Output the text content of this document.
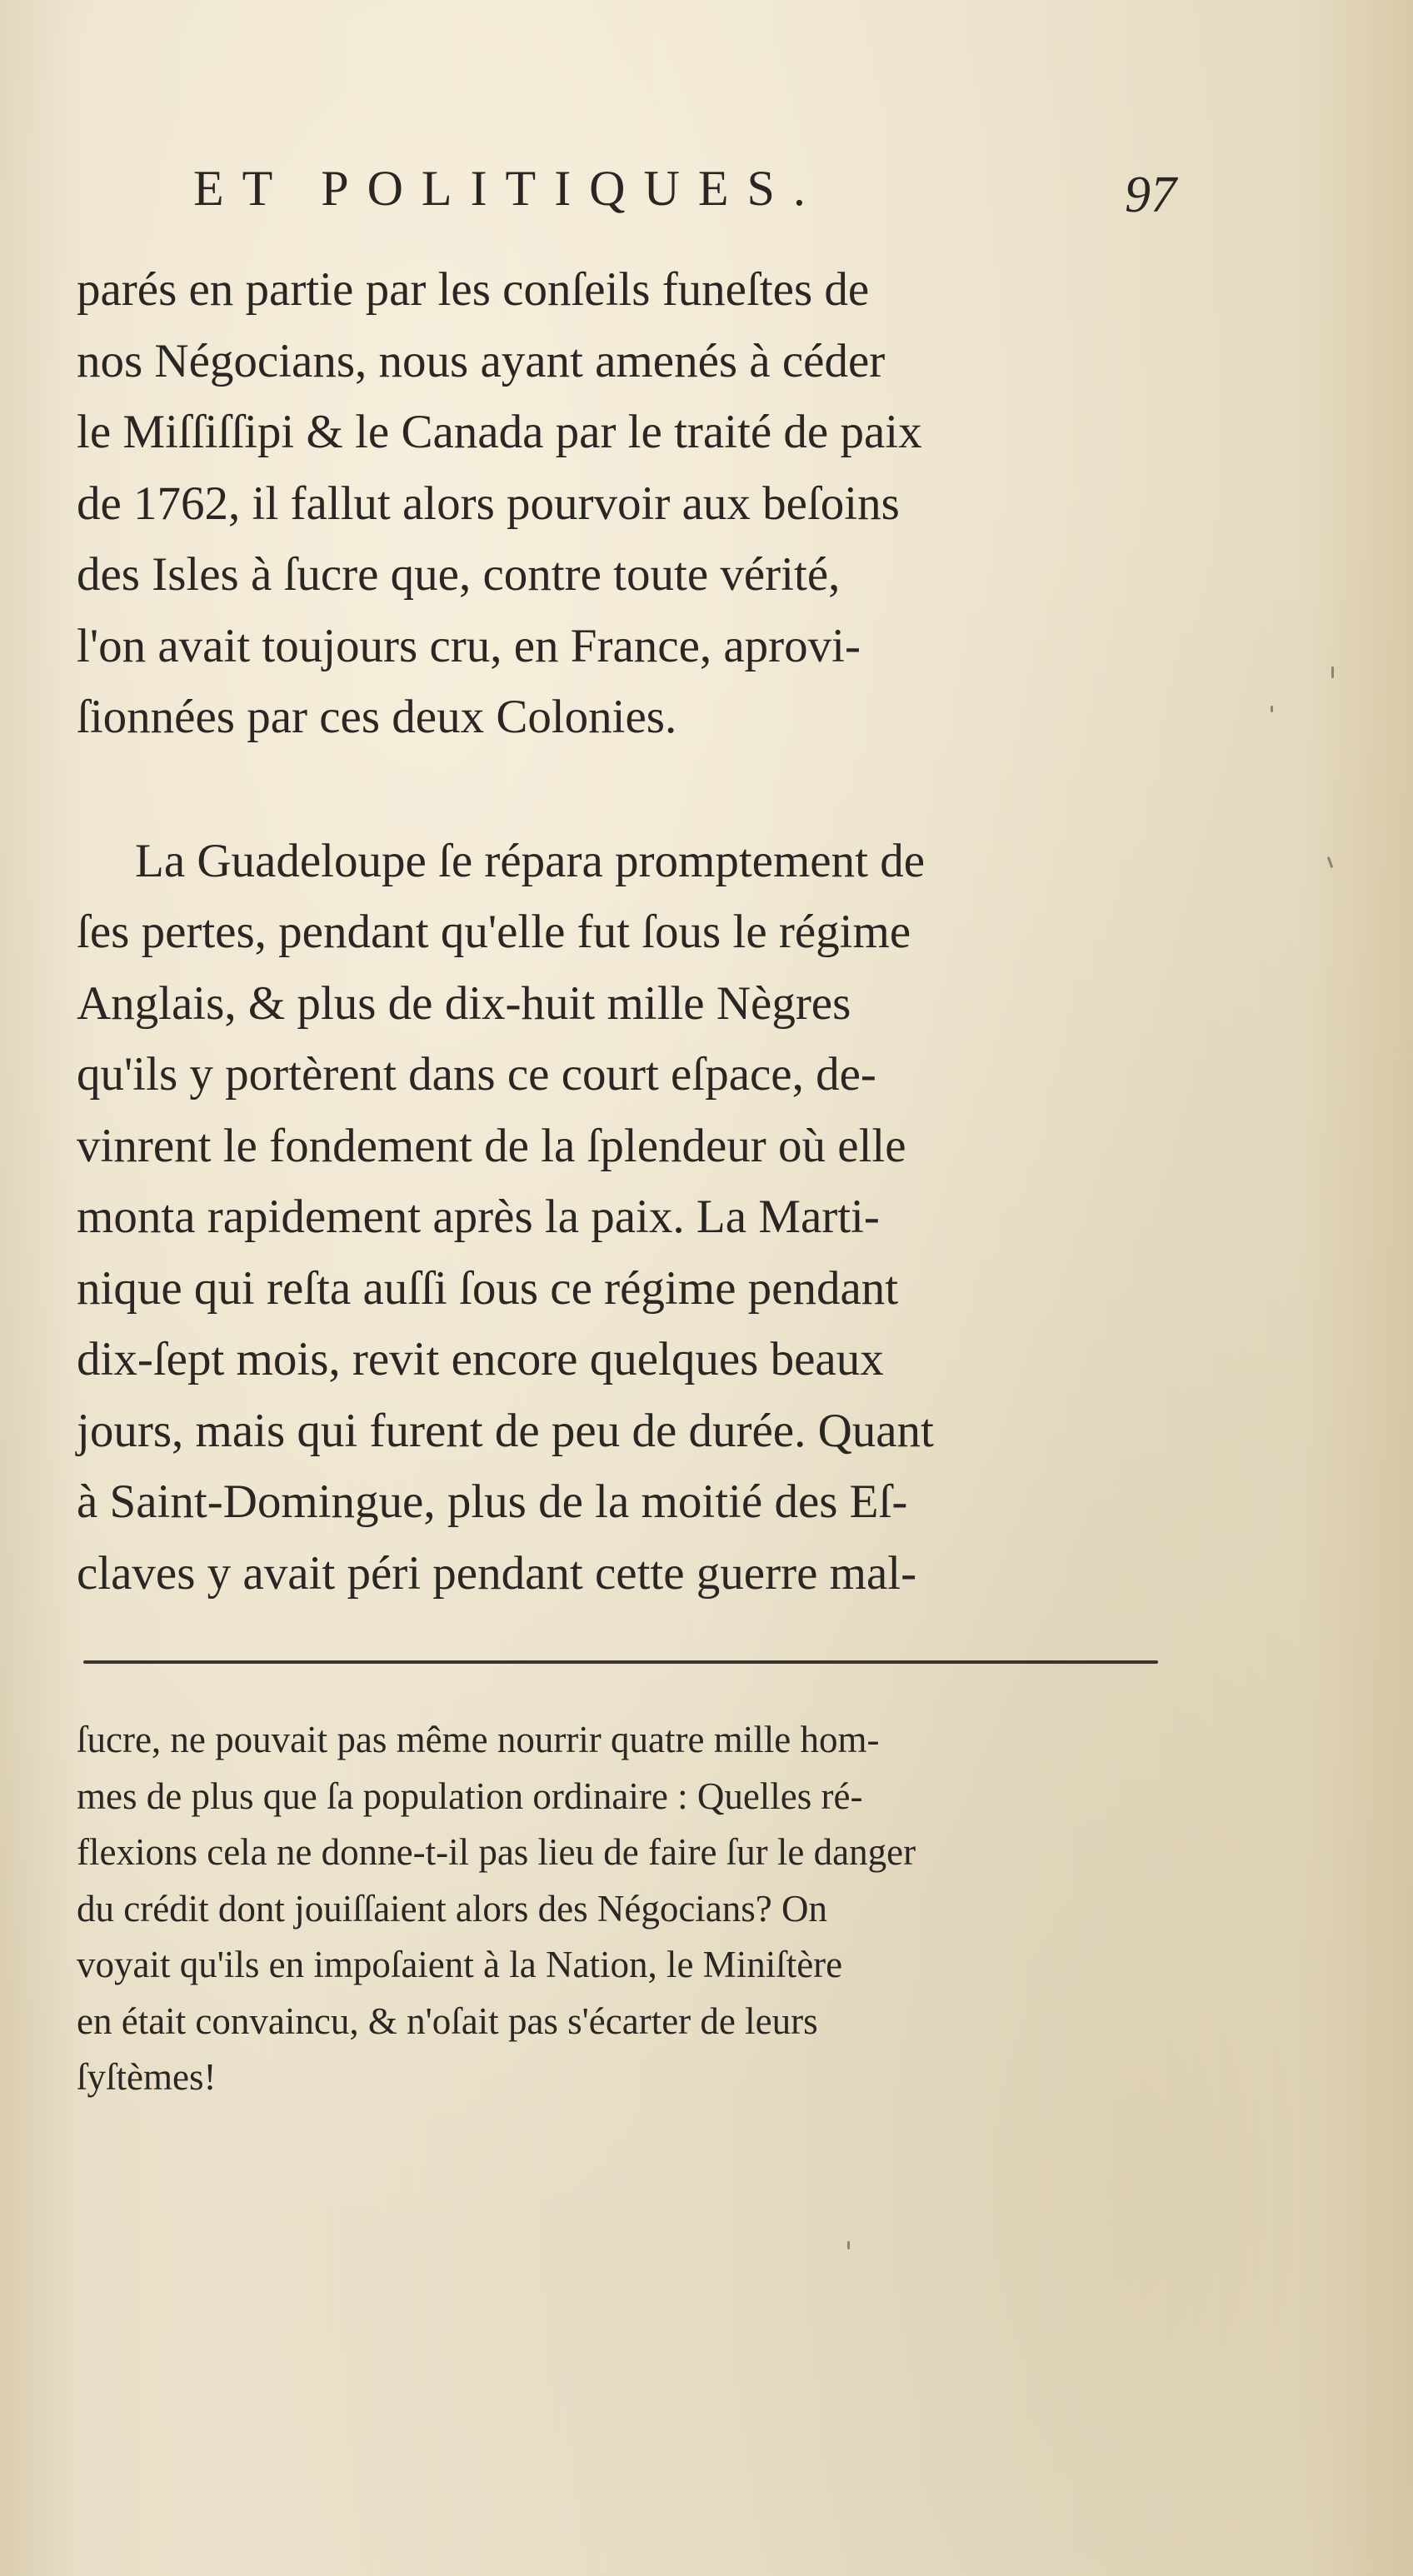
ET POLITIQUES.	97

parés en partie par les conſeils funeſtes de
nos Négocians, nous ayant amenés à céder
le Miſſiſſipi & le Canada par le traité de paix
de 1762, il fallut alors pourvoir aux beſoins
des Isles à ſucre que, contre toute vérité,
l'on avait toujours cru, en France, aprovi-
ſionnées par ces deux Colonies.

La Guadeloupe ſe répara promptement de
ſes pertes, pendant qu'elle fut ſous le régime
Anglais, & plus de dix-huit mille Nègres
qu'ils y portèrent dans ce court eſpace, de-
vinrent le fondement de la ſplendeur où elle
monta rapidement après la paix. La Marti-
nique qui reſta auſſi ſous ce régime pendant
dix-ſept mois, revit encore quelques beaux
jours, mais qui furent de peu de durée. Quant
à Saint-Domingue, plus de la moitié des Eſ-
claves y avait péri pendant cette guerre mal-

ſucre, ne pouvait pas même nourrir quatre mille hom-
mes de plus que ſa population ordinaire : Quelles ré-
flexions cela ne donne-t-il pas lieu de faire ſur le danger
du crédit dont jouiſſaient alors des Négocians? On
voyait qu'ils en impoſaient à la Nation, le Miniſtère
en était convaincu, & n'oſait pas s'écarter de leurs
ſyſtèmes!
